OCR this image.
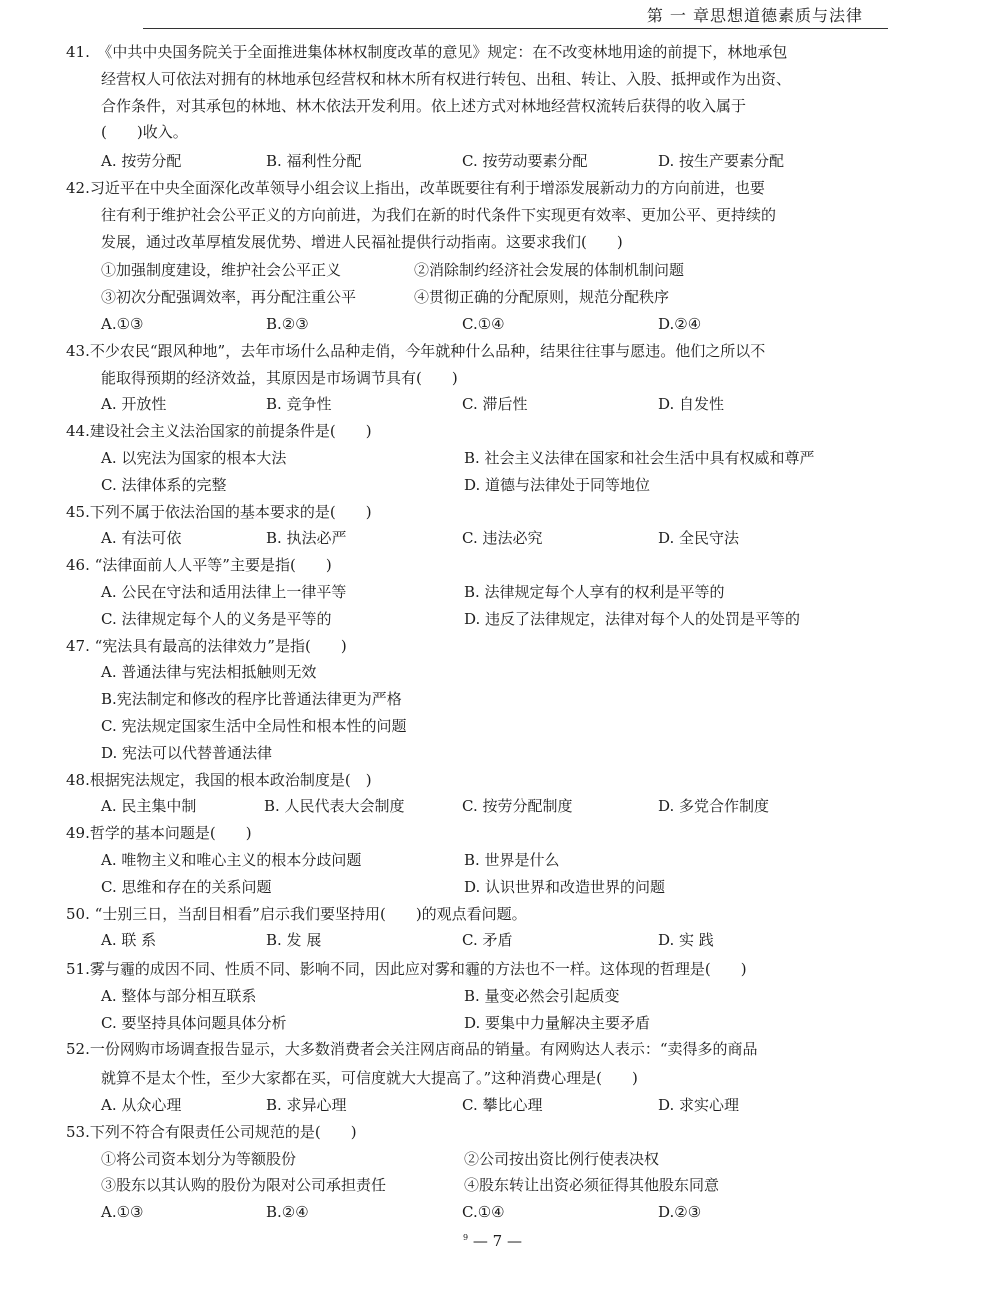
第 一 章思想道德素质与法律
41.　《中共中央国务院关于全面推进集体林权制度改革的意见》规定：在不改变林地用途的前提下，林地承包
经营权人可依法对拥有的林地承包经营权和林木所有权进行转包、出租、转让、入股、抵押或作为出资、
合作条件，对其承包的林地、林木依法开发利用。依上述方式对林地经营权流转后获得的收入属于
(　　)收入。
A. 按劳分配	B. 福利性分配	C. 按劳动要素分配	D. 按生产要素分配
42.习近平在中央全面深化改革领导小组会议上指出，改革既要往有利于增添发展新动力的方向前进，也要
往有利于维护社会公平正义的方向前进，为我们在新的时代条件下实现更有效率、更加公平、更持续的
发展，通过改革厚植发展优势、增进人民福祉提供行动指南。这要求我们(　　)
①加强制度建设，维护社会公平正义	②消除制约经济社会发展的体制机制问题
③初次分配强调效率，再分配注重公平	④贯彻正确的分配原则，规范分配秩序
A.①③	B.②③	C.①④	D.②④
43.不少农民“跟风种地”，去年市场什么品种走俏，今年就种什么品种，结果往往事与愿违。他们之所以不
能取得预期的经济效益，其原因是市场调节具有(　　)
A. 开放性	B. 竞争性	C. 滞后性	D. 自发性
44.建设社会主义法治国家的前提条件是(　　)
A. 以宪法为国家的根本大法	B. 社会主义法律在国家和社会生活中具有权威和尊严
C. 法律体系的完整	D. 道德与法律处于同等地位
45.下列不属于依法治国的基本要求的是(　　)
A. 有法可依	B. 执法必严	C. 违法必究	D. 全民守法
46. “法律面前人人平等”主要是指(　　)
A. 公民在守法和适用法律上一律平等	B. 法律规定每个人享有的权利是平等的
C. 法律规定每个人的义务是平等的	D. 违反了法律规定，法律对每个人的处罚是平等的
47. “宪法具有最高的法律效力”是指(　　)
A. 普通法律与宪法相抵触则无效
B.宪法制定和修改的程序比普通法律更为严格
C. 宪法规定国家生活中全局性和根本性的问题
D. 宪法可以代替普通法律
48.根据宪法规定，我国的根本政治制度是(　)
A. 民主集中制	B. 人民代表大会制度	C. 按劳分配制度	D. 多党合作制度
49.哲学的基本问题是(　　)
A. 唯物主义和唯心主义的根本分歧问题	B. 世界是什么
C. 思维和存在的关系问题	D. 认识世界和改造世界的问题
50. “士别三日，当刮目相看”启示我们要坚持用(　　)的观点看问题。
A. 联 系	B. 发 展	C. 矛盾	D. 实 践
51.雾与霾的成因不同、性质不同、影响不同，因此应对雾和霾的方法也不一样。这体现的哲理是(　　)
A. 整体与部分相互联系	B. 量变必然会引起质变
C. 要坚持具体问题具体分析	D. 要集中力量解决主要矛盾
52.一份网购市场调查报告显示，大多数消费者会关注网店商品的销量。有网购达人表示：“卖得多的商品
就算不是太个性，至少大家都在买，可信度就大大提高了。”这种消费心理是(　　)
A. 从众心理	B. 求异心理	C. 攀比心理	D. 求实心理
53.下列不符合有限责任公司规范的是(　　)
①将公司资本划分为等额股份	②公司按出资比例行使表决权
③股东以其认购的股份为限对公司承担责任	④股东转让出资必须征得其他股东同意
A.①③	B.②④	C.①④	D.②③
$^9$ — 7 —
